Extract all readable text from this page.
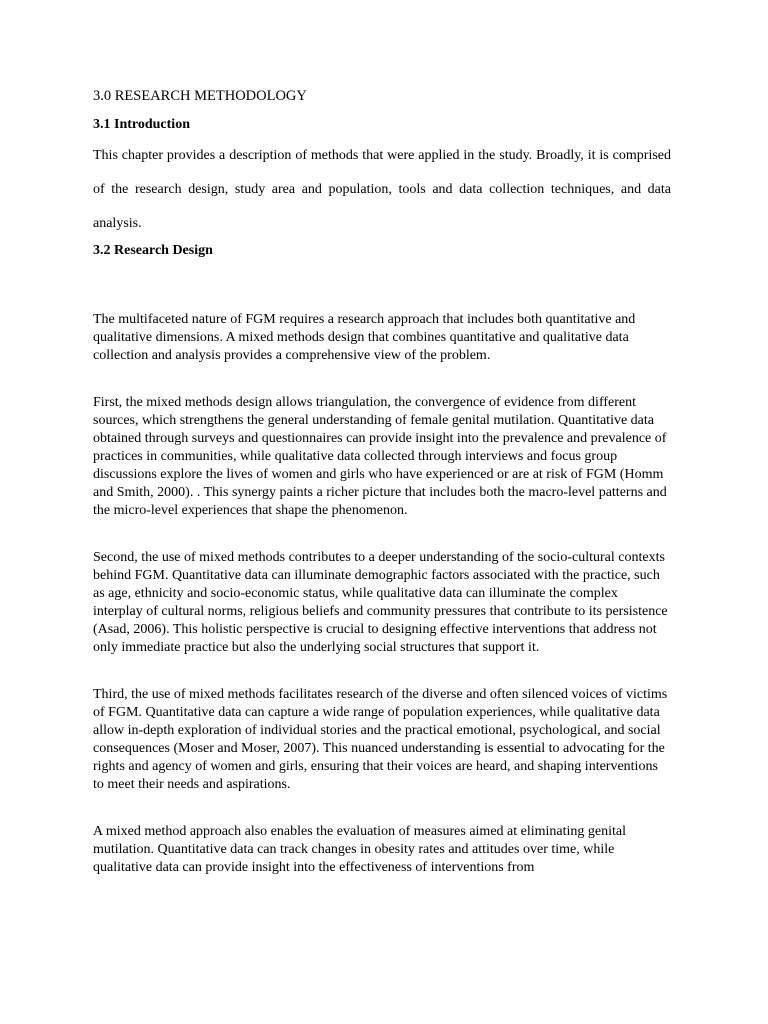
3.0 RESEARCH METHODOLOGY
3.1 Introduction

This chapter provides a description of methods that were applied in the study. Broadly, it is comprised of the research design, study area and population, tools and data collection techniques, and data analysis.

3.2 Research Design

The multifaceted nature of FGM requires a research approach that includes both quantitative and qualitative dimensions. A mixed methods design that combines quantitative and qualitative data collection and analysis provides a comprehensive view of the problem.

First, the mixed methods design allows triangulation, the convergence of evidence from different sources, which strengthens the general understanding of female genital mutilation. Quantitative data obtained through surveys and questionnaires can provide insight into the prevalence and prevalence of practices in communities, while qualitative data collected through interviews and focus group discussions explore the lives of women and girls who have experienced or are at risk of FGM (Homm and Smith, 2000). . This synergy paints a richer picture that includes both the macro-level patterns and the micro-level experiences that shape the phenomenon.

Second, the use of mixed methods contributes to a deeper understanding of the socio-cultural contexts behind FGM. Quantitative data can illuminate demographic factors associated with the practice, such as age, ethnicity and socio-economic status, while qualitative data can illuminate the complex interplay of cultural norms, religious beliefs and community pressures that contribute to its persistence (Asad, 2006). This holistic perspective is crucial to designing effective interventions that address not only immediate practice but also the underlying social structures that support it.

Third, the use of mixed methods facilitates research of the diverse and often silenced voices of victims of FGM. Quantitative data can capture a wide range of population experiences, while qualitative data allow in-depth exploration of individual stories and the practical emotional, psychological, and social consequences (Moser and Moser, 2007). This nuanced understanding is essential to advocating for the rights and agency of women and girls, ensuring that their voices are heard, and shaping interventions to meet their needs and aspirations.

A mixed method approach also enables the evaluation of measures aimed at eliminating genital mutilation. Quantitative data can track changes in obesity rates and attitudes over time, while qualitative data can provide insight into the effectiveness of interventions from
